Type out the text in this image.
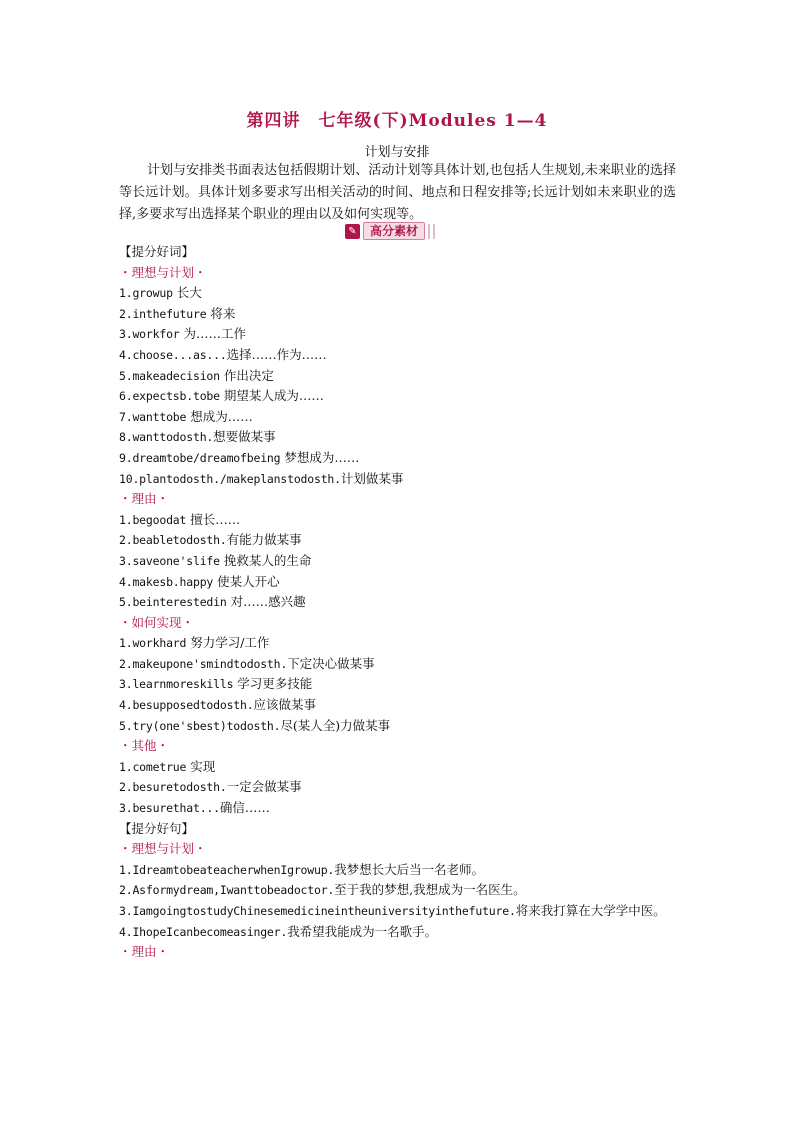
第四讲　七年级(下)Modules 1—4
计划与安排
计划与安排类书面表达包括假期计划、活动计划等具体计划,也包括人生规划,未来职业的选择等长远计划。具体计划多要求写出相关活动的时间、地点和日程安排等;长远计划如未来职业的选择,多要求写出选择某个职业的理由以及如何实现等。
✎	高分素材
【提分好词】
・理想与计划・
1.growup 长大
2.inthefuture 将来
3.workfor 为……工作
4.choose...as...选择……作为……
5.makeadecision 作出决定
6.expectsb.tobe 期望某人成为……
7.wanttobe 想成为……
8.wanttodosth.想要做某事
9.dreamtobe/dreamofbeing 梦想成为……
10.plantodosth./makeplanstodosth.计划做某事
・理由・
1.begoodat 擅长……
2.beabletodosth.有能力做某事
3.saveone'slife 挽救某人的生命
4.makesb.happy 使某人开心
5.beinterestedin 对……感兴趣
・如何实现・
1.workhard 努力学习/工作
2.makeupone'smindtodosth.下定决心做某事
3.learnmoreskills 学习更多技能
4.besupposedtodosth.应该做某事
5.try(one'sbest)todosth.尽(某人全)力做某事
・其他・
1.cometrue 实现
2.besuretodosth.一定会做某事
3.besurethat...确信……
【提分好句】
・理想与计划・
1.IdreamtobeateacherwhenIgrowup.我梦想长大后当一名老师。
2.Asformydream,Iwanttobeadoctor.至于我的梦想,我想成为一名医生。
3.IamgoingtostudyChinesemedicineintheuniversityinthefuture.将来我打算在大学学中医。
4.IhopeIcanbecomeasinger.我希望我能成为一名歌手。
・理由・
